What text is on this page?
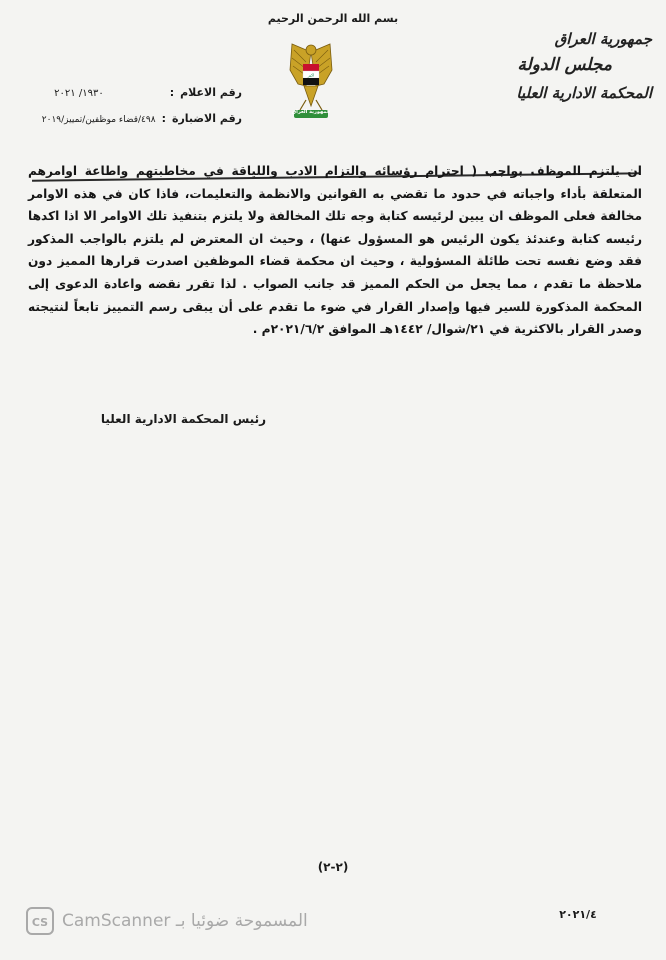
بسم الله الرحمن الرحيم
اكبر
جمهورية العراق
جمهورية العراق
مجلس الدولة
المحكمة الادارية العليا
رقم الاعلام
:
١٩٣٠/ ٢٠٢١
رقم الاضبارة
:
٤٩٨/قضاء موظفين/تمييز/٢٠١٩

ان يلتزم الموظف بواجب ( احترام رؤسائه والتزام الادب واللياقة في مخاطبتهم واطاعة اوامرهم المتعلقة بأداء واجباته في حدود ما تقضي به القوانين والانظمة والتعليمات، فاذا كان في هذه الاوامر مخالفة فعلى الموظف ان يبين لرئيسه كتابة وجه تلك المخالفة ولا يلتزم بتنفيذ تلك الاوامر الا اذا اكدها رئيسه كتابة وعندئذ يكون الرئيس هو المسؤول عنها) ، وحيث ان المعترض لم يلتزم بالواجب المذكور فقد وضع نفسه تحت طائلة المسؤولية ، وحيث ان محكمة قضاء الموظفين اصدرت قرارها المميز دون ملاحظة ما تقدم ، مما يجعل من الحكم المميز قد جانب الصواب . لذا تقرر نقضه واعادة الدعوى إلى المحكمة المذكورة للسير فيها وإصدار القرار في ضوء ما تقدم على أن يبقى رسم التمييز تابعاً لنتيجته وصدر القرار بالاكثرية في ٢١/شوال/ ١٤٤٢هـ الموافق ٢٠٢١/٦/٢م .

رئيس المحكمة الادارية العليا
(٢-٢)
CS CamScanner المسموحة ضوئيا بـ	٢٠٢١/٤
